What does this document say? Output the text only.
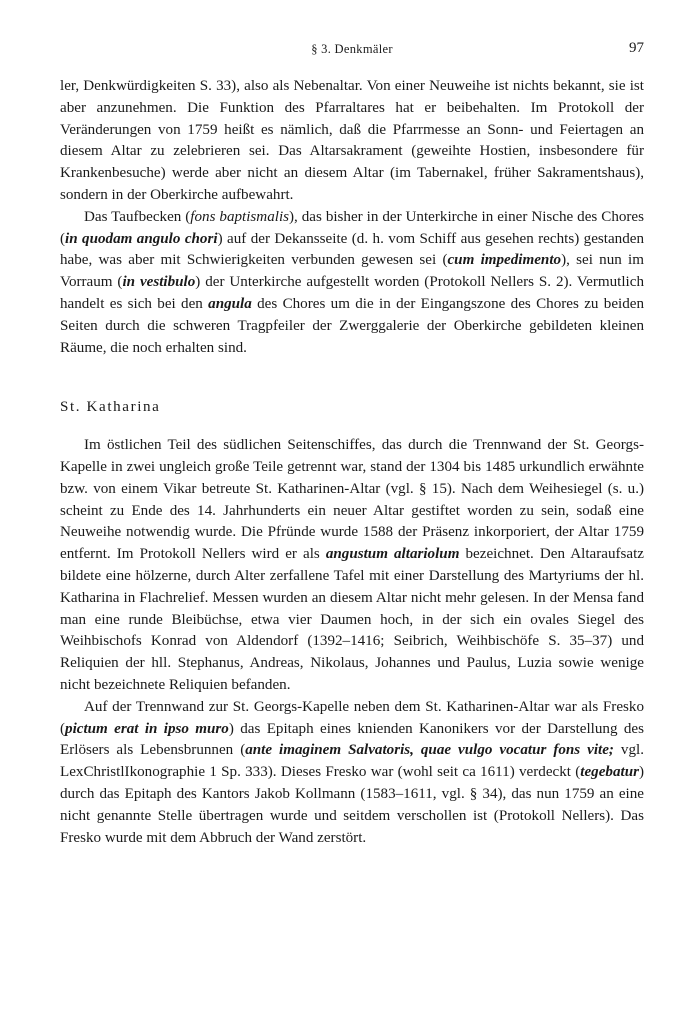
§ 3. Denkmäler	97

ler, Denkwürdigkeiten S. 33), also als Nebenaltar. Von einer Neuweihe ist nichts bekannt, sie ist aber anzunehmen. Die Funktion des Pfarraltares hat er beibehalten. Im Protokoll der Veränderungen von 1759 heißt es nämlich, daß die Pfarrmesse an Sonn- und Feiertagen an diesem Altar zu zelebrieren sei. Das Altarsakrament (geweihte Hostien, insbesondere für Krankenbesuche) werde aber nicht an diesem Altar (im Tabernakel, früher Sakramentshaus), sondern in der Oberkirche aufbewahrt.

Das Taufbecken (fons baptismalis), das bisher in der Unterkirche in einer Nische des Chores (in quodam angulo chori) auf der Dekansseite (d. h. vom Schiff aus gesehen rechts) gestanden habe, was aber mit Schwierigkeiten verbunden gewesen sei (cum impedimento), sei nun im Vorraum (in vestibulo) der Unterkirche aufgestellt worden (Protokoll Nellers S. 2). Vermutlich handelt es sich bei den angula des Chores um die in der Eingangszone des Chores zu beiden Seiten durch die schweren Tragpfeiler der Zwerggalerie der Oberkirche gebildeten kleinen Räume, die noch erhalten sind.

St. Katharina

Im östlichen Teil des südlichen Seitenschiffes, das durch die Trennwand der St. Georgs-Kapelle in zwei ungleich große Teile getrennt war, stand der 1304 bis 1485 urkundlich erwähnte bzw. von einem Vikar betreute St. Katharinen-Altar (vgl. § 15). Nach dem Weihesiegel (s. u.) scheint zu Ende des 14. Jahrhunderts ein neuer Altar gestiftet worden zu sein, sodaß eine Neuweihe notwendig wurde. Die Pfründe wurde 1588 der Präsenz inkorporiert, der Altar 1759 entfernt. Im Protokoll Nellers wird er als angustum altariolum bezeichnet. Den Altaraufsatz bildete eine hölzerne, durch Alter zerfallene Tafel mit einer Darstellung des Martyriums der hl. Katharina in Flachrelief. Messen wurden an diesem Altar nicht mehr gelesen. In der Mensa fand man eine runde Bleibüchse, etwa vier Daumen hoch, in der sich ein ovales Siegel des Weihbischofs Konrad von Aldendorf (1392–1416; Seibrich, Weihbischöfe S. 35–37) und Reliquien der hll. Stephanus, Andreas, Nikolaus, Johannes und Paulus, Luzia sowie wenige nicht bezeichnete Reliquien befanden.

Auf der Trennwand zur St. Georgs-Kapelle neben dem St. Katharinen-Altar war als Fresko (pictum erat in ipso muro) das Epitaph eines knienden Kanonikers vor der Darstellung des Erlösers als Lebensbrunnen (ante imaginem Salvatoris, quae vulgo vocatur fons vite; vgl. LexChristlIkonographie 1 Sp. 333). Dieses Fresko war (wohl seit ca 1611) verdeckt (tegebatur) durch das Epitaph des Kantors Jakob Kollmann (1583–1611, vgl. § 34), das nun 1759 an eine nicht genannte Stelle übertragen wurde und seitdem verschollen ist (Protokoll Nellers). Das Fresko wurde mit dem Abbruch der Wand zerstört.
